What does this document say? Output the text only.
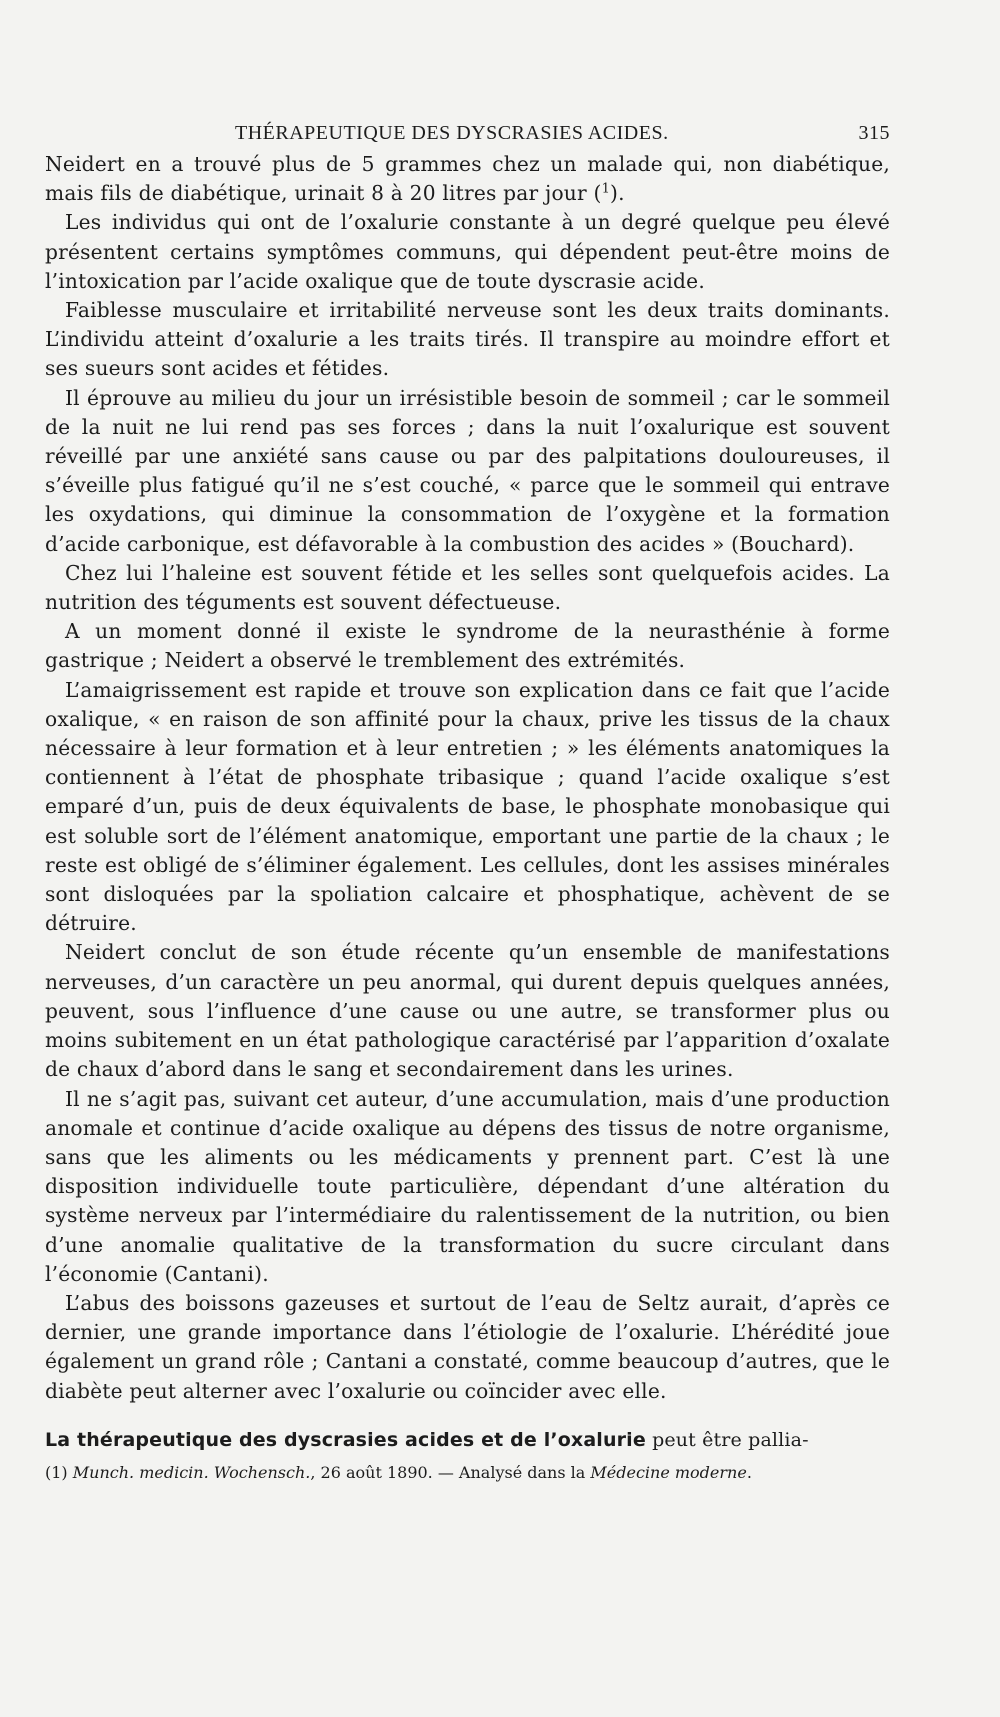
THÉRAPEUTIQUE DES DYSCRASIES ACIDES.	315

Neidert en a trouvé plus de 5 grammes chez un malade qui, non diabétique, mais fils de diabétique, urinait 8 à 20 litres par jour ($^1$).

Les individus qui ont de l’oxalurie constante à un degré quelque peu élevé présentent certains symptômes communs, qui dépendent peut-être moins de l’intoxication par l’acide oxalique que de toute dyscrasie acide.

Faiblesse musculaire et irritabilité nerveuse sont les deux traits dominants. L’individu atteint d’oxalurie a les traits tirés. Il transpire au moindre effort et ses sueurs sont acides et fétides.

Il éprouve au milieu du jour un irrésistible besoin de sommeil ; car le sommeil de la nuit ne lui rend pas ses forces ; dans la nuit l’oxalurique est souvent réveillé par une anxiété sans cause ou par des palpitations douloureuses, il s’éveille plus fatigué qu’il ne s’est couché, « parce que le sommeil qui entrave les oxydations, qui diminue la consommation de l’oxygène et la formation d’acide carbonique, est défavorable à la combustion des acides » (Bouchard).

Chez lui l’haleine est souvent fétide et les selles sont quelquefois acides. La nutrition des téguments est souvent défectueuse.

A un moment donné il existe le syndrome de la neurasthénie à forme gastrique ; Neidert a observé le tremblement des extrémités.

L’amaigrissement est rapide et trouve son explication dans ce fait que l’acide oxalique, « en raison de son affinité pour la chaux, prive les tissus de la chaux nécessaire à leur formation et à leur entretien ; » les éléments anatomiques la contiennent à l’état de phosphate tribasique ; quand l’acide oxalique s’est emparé d’un, puis de deux équivalents de base, le phosphate monobasique qui est soluble sort de l’élément anatomique, emportant une partie de la chaux ; le reste est obligé de s’éliminer également. Les cellules, dont les assises minérales sont disloquées par la spoliation calcaire et phosphatique, achèvent de se détruire.

Neidert conclut de son étude récente qu’un ensemble de manifestations nerveuses, d’un caractère un peu anormal, qui durent depuis quelques années, peuvent, sous l’influence d’une cause ou une autre, se transformer plus ou moins subitement en un état pathologique caractérisé par l’apparition d’oxalate de chaux d’abord dans le sang et secondairement dans les urines.

Il ne s’agit pas, suivant cet auteur, d’une accumulation, mais d’une production anomale et continue d’acide oxalique au dépens des tissus de notre organisme, sans que les aliments ou les médicaments y prennent part. C’est là une disposition individuelle toute particulière, dépendant d’une altération du système nerveux par l’intermédiaire du ralentissement de la nutrition, ou bien d’une anomalie qualitative de la transformation du sucre circulant dans l’économie (Cantani).

L’abus des boissons gazeuses et surtout de l’eau de Seltz aurait, d’après ce dernier, une grande importance dans l’étiologie de l’oxalurie. L’hérédité joue également un grand rôle ; Cantani a constaté, comme beaucoup d’autres, que le diabète peut alterner avec l’oxalurie ou coïncider avec elle.

La thérapeutique des dyscrasies acides et de l’oxalurie peut être pallia-
(1) Munch. medicin. Wochensch., 26 août 1890. — Analysé dans la Médecine moderne.
